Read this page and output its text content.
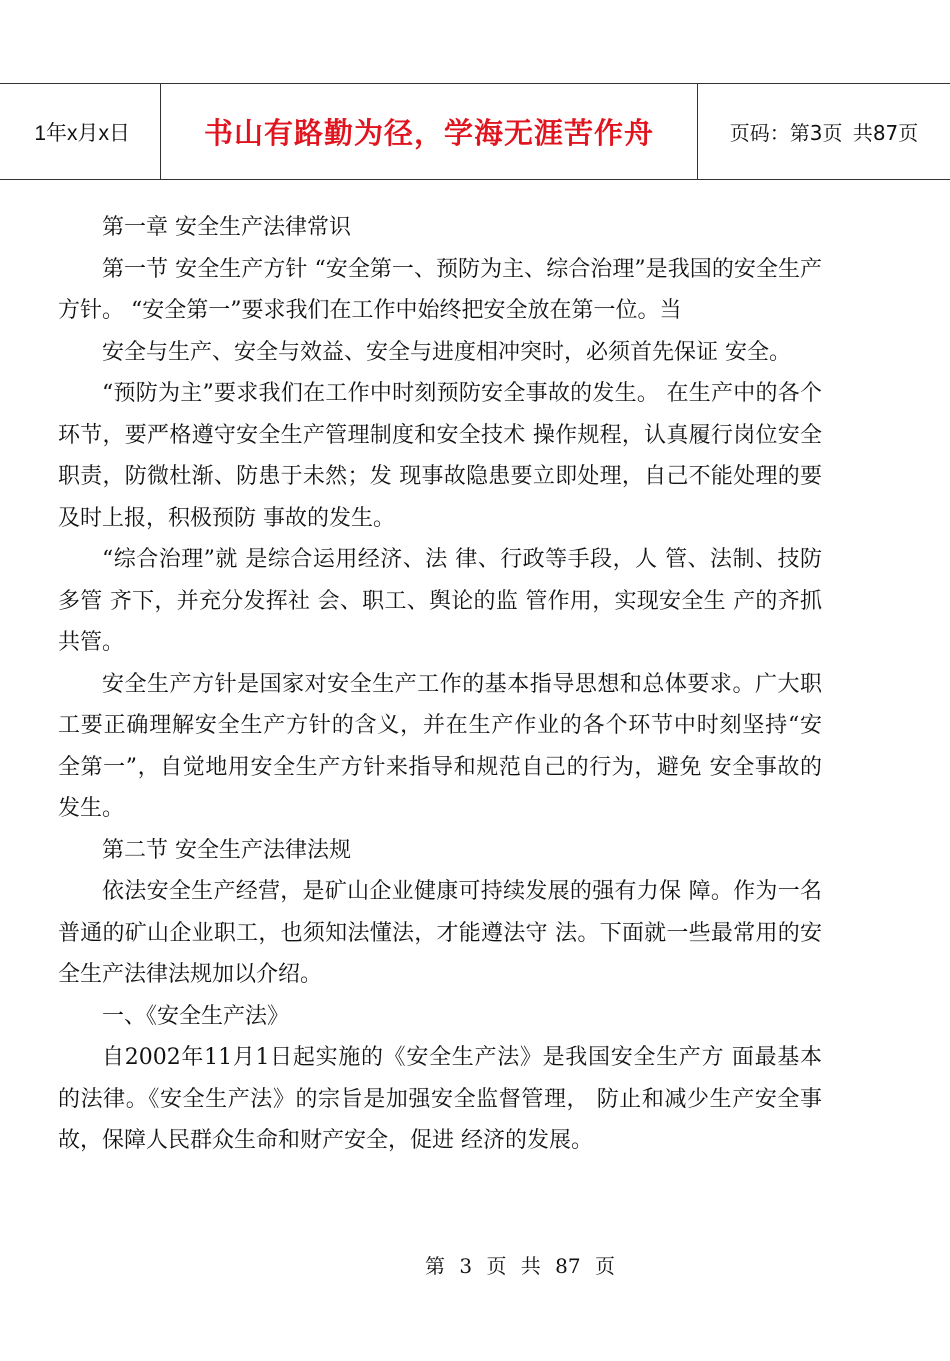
1年x月x日	书山有路勤为径，学海无涯苦作舟	页码：第3页 共87页

第一章 安全生产法律常识

第一节 安全生产方针 “安全第一、预防为主、综合治理”是我国的安全生产方针。 “安全第一”要求我们在工作中始终把安全放在第一位。当

安全与生产、安全与效益、安全与进度相冲突时，必须首先保证 安全。

“预防为主”要求我们在工作中时刻预防安全事故的发生。 在生产中的各个环节，要严格遵守安全生产管理制度和安全技术 操作规程，认真履行岗位安全职责，防微杜渐、防患于未然；发 现事故隐患要立即处理，自己不能处理的要及时上报，积极预防 事故的发生。

“综合治理”就 是综合运用经济、法 律、行政等手段，人 管、法制、技防多管 齐下，并充分发挥社 会、职工、舆论的监 管作用，实现安全生 产的齐抓共管。

安全生产方针是国家对安全生产工作的基本指导思想和总体要求。广大职工要正确理解安全生产方针的含义，并在生产作业的各个环节中时刻坚持“安 全第一”，自觉地用安全生产方针来指导和规范自己的行为，避免 安全事故的发生。

第二节 安全生产法律法规

依法安全生产经营，是矿山企业健康可持续发展的强有力保 障。作为一名普通的矿山企业职工，也须知法懂法，才能遵法守 法。下面就一些最常用的安全生产法律法规加以介绍。

一、《安全生产法》

自2002年11月1日起实施的《安全生产法》是我国安全生产方 面最基本的法律。《安全生产法》的宗旨是加强安全监督管理， 防止和减少生产安全事故，保障人民群众生命和财产安全，促进 经济的发展。

第 3 页 共 87 页
